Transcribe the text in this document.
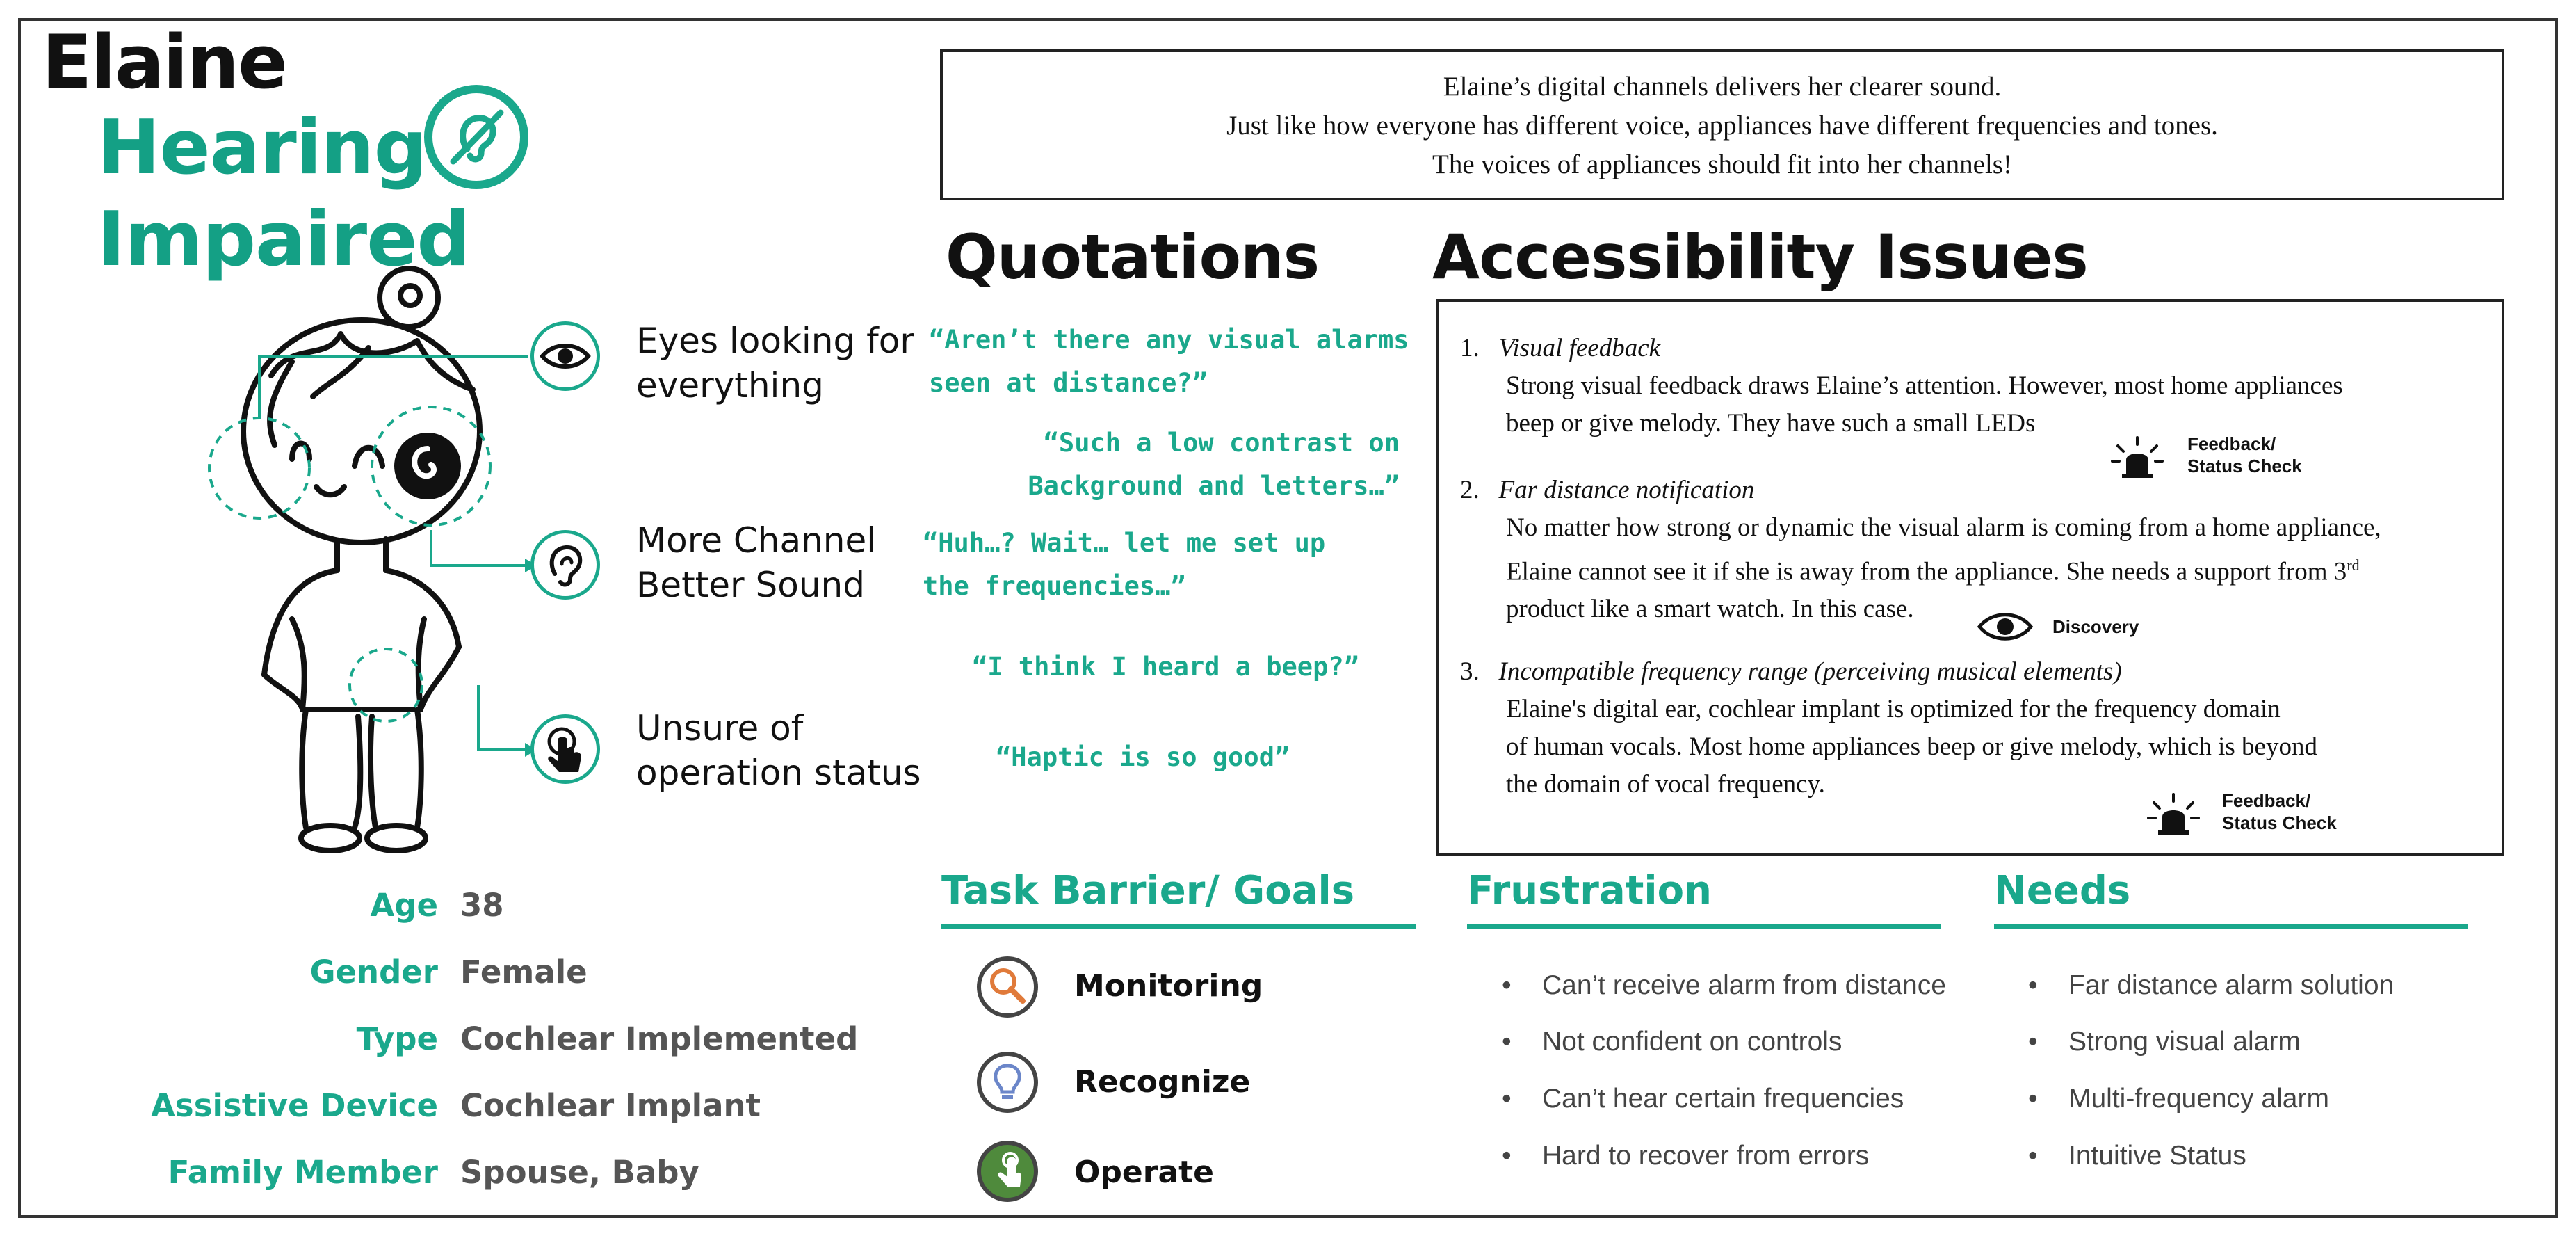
Elaine
Hearing
Impaired
Eyes looking for
everything
More Channel
Better Sound
Unsure of
operation status
Elaine’s digital channels delivers her clearer sound.
Just like how everyone has different voice, appliances have different frequencies and tones.
The voices of appliances should fit into her channels!
Quotations Accessibility Issues
“Aren’t there any visual alarms
seen at distance?”
“Such a low contrast on
Background and letters…”
“Huh…? Wait… let me set up
the frequencies…”
“I think I heard a beep?”
“Haptic is so good”
1. Visual feedback
Strong visual feedback draws Elaine’s attention. However, most home appliances
beep or give melody. They have such a small LEDs
2. Far distance notification
No matter how strong or dynamic the visual alarm is coming from a home appliance,
Elaine cannot see it if she is away from the appliance. She needs a support from 3rd
product like a smart watch. In this case.
3. Incompatible frequency range (perceiving musical elements)
Elaine's digital ear, cochlear implant is optimized for the frequency domain
of human vocals. Most home appliances beep or give melody, which is beyond
the domain of vocal frequency.
Feedback/
Status Check
Discovery
Feedback/
Status Check
Age 38
Gender Female
Type Cochlear Implemented
Assistive Device Cochlear Implant
Family Member Spouse, Baby
Task Barrier/ Goals
Monitoring
Recognize
Operate
Frustration
• Can’t receive alarm from distance
• Not confident on controls
• Can’t hear certain frequencies
• Hard to recover from errors
Needs
• Far distance alarm solution
• Strong visual alarm
• Multi-frequency alarm
• Intuitive Status
